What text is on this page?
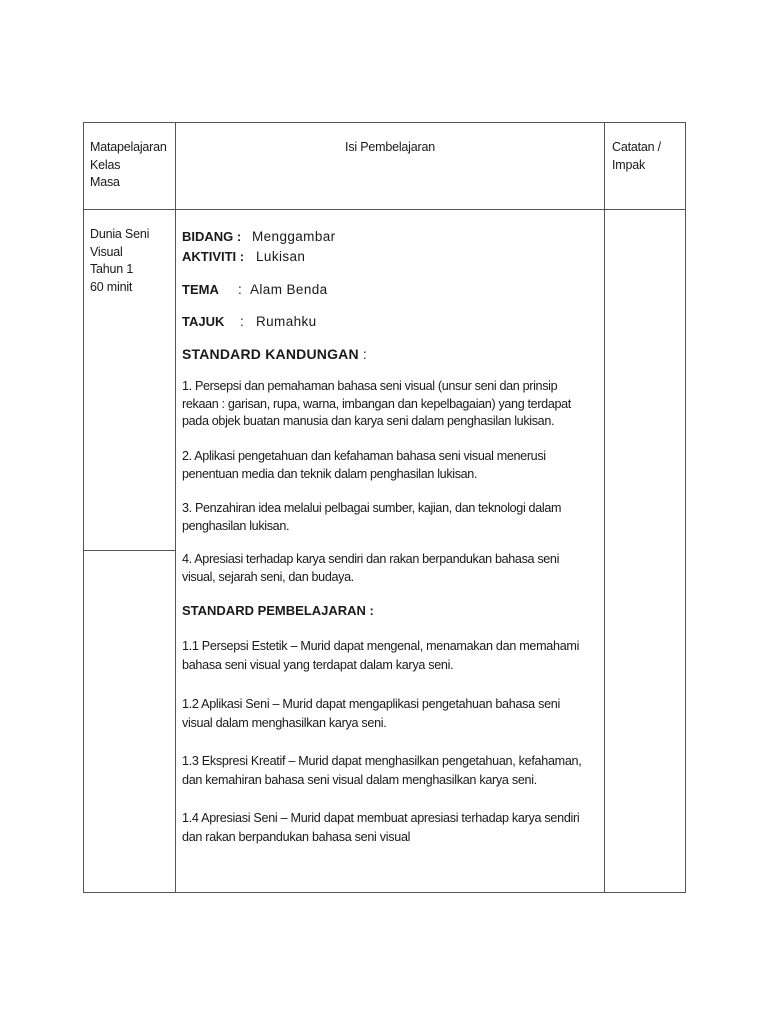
Matapelajaran
Kelas
Masa
Isi Pembelajaran	Catatan /
Impak
Dunia Seni
Visual
Tahun 1
60 minit
BIDANG : Menggambar
AKTIVITI : Lukisan
TEMA : Alam Benda
TAJUK : Rumahku
STANDARD KANDUNGAN :
1. Persepsi dan pemahaman bahasa seni visual (unsur seni dan prinsip
rekaan : garisan, rupa, warna, imbangan dan kepelbagaian) yang terdapat
pada objek buatan manusia dan karya seni dalam penghasilan lukisan.
2. Aplikasi pengetahuan dan kefahaman bahasa seni visual menerusi
penentuan media dan teknik dalam penghasilan lukisan.
3. Penzahiran idea melalui pelbagai sumber, kajian, dan teknologi dalam
penghasilan lukisan.
4. Apresiasi terhadap karya sendiri dan rakan berpandukan bahasa seni
visual, sejarah seni, dan budaya.
STANDARD PEMBELAJARAN :
1.1 Persepsi Estetik – Murid dapat mengenal, menamakan dan memahami
bahasa seni visual yang terdapat dalam karya seni.
1.2 Aplikasi Seni – Murid dapat mengaplikasi pengetahuan bahasa seni
visual dalam menghasilkan karya seni.
1.3 Ekspresi Kreatif – Murid dapat menghasilkan pengetahuan, kefahaman,
dan kemahiran bahasa seni visual dalam menghasilkan karya seni.
1.4 Apresiasi Seni – Murid dapat membuat apresiasi terhadap karya sendiri
dan rakan berpandukan bahasa seni visual
